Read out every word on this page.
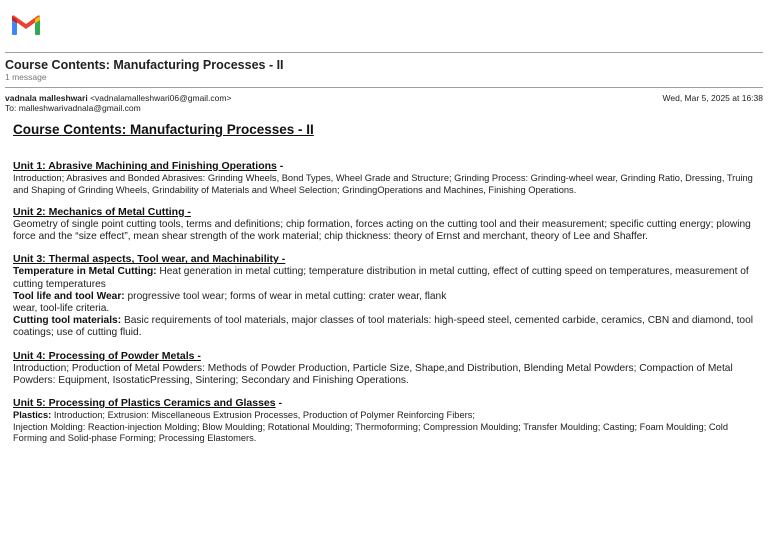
Course Contents: Manufacturing Processes - II
1 message
vadnala malleshwari <vadnalamalleshwari06@gmail.com>	Wed, Mar 5, 2025 at 16:38
To: malleshwarivadnala@gmail.com
Course Contents: Manufacturing Processes - II
Unit 1: Abrasive Machining and Finishing Operations -
Introduction; Abrasives and Bonded Abrasives: Grinding Wheels, Bond Types, Wheel Grade and Structure; Grinding Process: Grinding-wheel wear, Grinding Ratio, Dressing, Truing and Shaping of Grinding Wheels, Grindability of Materials and Wheel Selection; GrindingOperations and Machines, Finishing Operations.
Unit 2: Mechanics of Metal Cutting -
Geometry of single point cutting tools, terms and definitions; chip formation, forces acting on the cutting tool and their measurement; specific cutting energy; plowing force and the “size effect”, mean shear strength of the work material; chip thickness: theory of Ernst and merchant, theory of Lee and Shaffer.
Unit 3: Thermal aspects, Tool wear, and Machinability -
Temperature in Metal Cutting: Heat generation in metal cutting; temperature distribution in metal cutting, effect of cutting speed on temperatures, measurement of cutting temperatures
Tool life and tool Wear: progressive tool wear; forms of wear in metal cutting: crater wear, flank
wear, tool-life criteria.
Cutting tool materials: Basic requirements of tool materials, major classes of tool materials: high-speed steel, cemented carbide, ceramics, CBN and diamond, tool coatings; use of cutting fluid.
Unit 4: Processing of Powder Metals -
Introduction; Production of Metal Powders: Methods of Powder Production, Particle Size, Shape,and Distribution, Blending Metal Powders; Compaction of Metal Powders: Equipment, IsostaticPressing, Sintering; Secondary and Finishing Operations.
Unit 5: Processing of Plastics Ceramics and Glasses -
Plastics: Introduction; Extrusion: Miscellaneous Extrusion Processes, Production of Polymer Reinforcing Fibers;
Injection Molding: Reaction-injection Molding; Blow Moulding; Rotational Moulding; Thermoforming; Compression Moulding; Transfer Moulding; Casting; Foam Moulding; Cold Forming and Solid-phase Forming; Processing Elastomers.
